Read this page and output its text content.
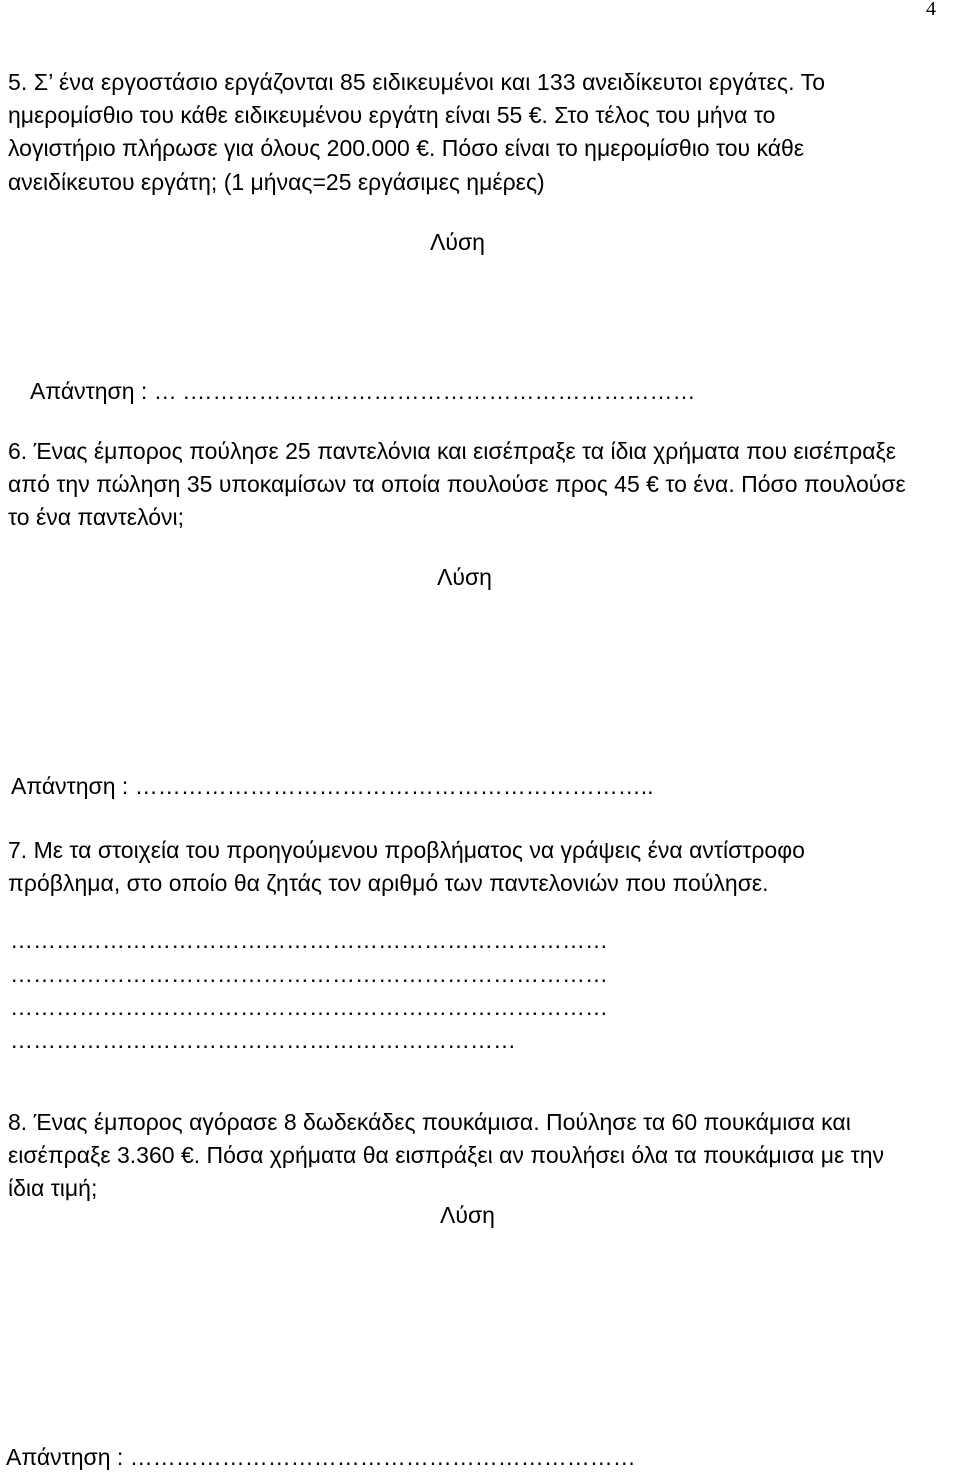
4
5. Σ’ ένα εργοστάσιο εργάζονται 85 ειδικευμένοι και 133 ανειδίκευτοι εργάτες. Το
ημερομίσθιο του κάθε ειδικευμένου εργάτη είναι 55 €. Στο τέλος του μήνα το
λογιστήριο πλήρωσε για όλους 200.000 €. Πόσο είναι το ημερομίσθιο του κάθε
ανειδίκευτου εργάτη; (1 μήνας=25 εργάσιμες ημέρες)
Λύση
Απάντηση : … .…………………………………………………………
6. Ένας έμπορος πούλησε 25 παντελόνια και εισέπραξε τα ίδια χρήματα που εισέπραξε
από την πώληση 35 υποκαμίσων τα οποία πουλούσε προς 45 € το ένα. Πόσο πουλούσε
το ένα παντελόνι;
Λύση
Απάντηση : …………………………………………………………..
7. Με τα στοιχεία του προηγούμενου προβλήματος να γράψεις ένα αντίστροφο
πρόβλημα, στο οποίο θα ζητάς τον αριθμό των παντελονιών που πούλησε.
……………………………………………………………………
……………………………………………………………………
……………………………………………………………………
…………………………………………………………
8. Ένας έμπορος αγόρασε 8 δωδεκάδες πουκάμισα. Πούλησε τα 60 πουκάμισα και
εισέπραξε 3.360 €. Πόσα χρήματα θα εισπράξει αν πουλήσει όλα τα πουκάμισα με την
ίδια τιμή;
Λύση
Απάντηση : …………………………………………………………
